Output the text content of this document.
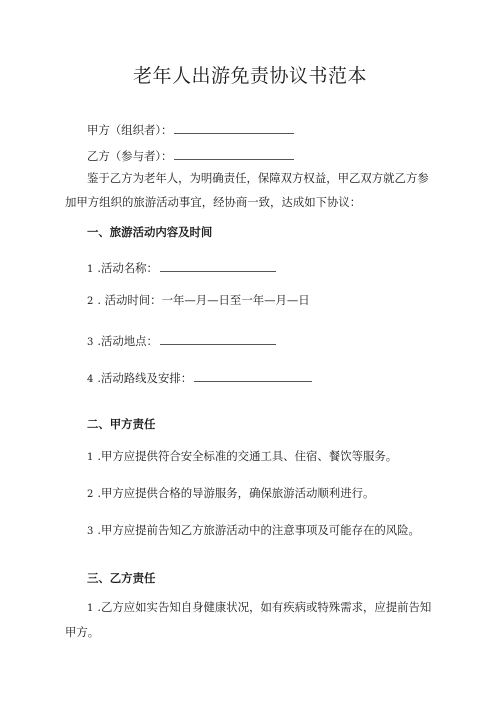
老年人出游免责协议书范本
甲方（组织者）：
乙方（参与者）：
鉴于乙方为老年人，为明确责任，保障双方权益，甲乙双方就乙方参
加甲方组织的旅游活动事宜，经协商一致，达成如下协议：
一、旅游活动内容及时间
1 .活动名称：
2 . 活动时间：一年—月—日至一年—月—日
3 .活动地点：
4 .活动路线及安排：
二、甲方责任
1 .甲方应提供符合安全标准的交通工具、住宿、餐饮等服务。
2 .甲方应提供合格的导游服务，确保旅游活动顺利进行。
3 .甲方应提前告知乙方旅游活动中的注意事项及可能存在的风险。
三、乙方责任
1 .乙方应如实告知自身健康状况，如有疾病或特殊需求，应提前告知
甲方。
